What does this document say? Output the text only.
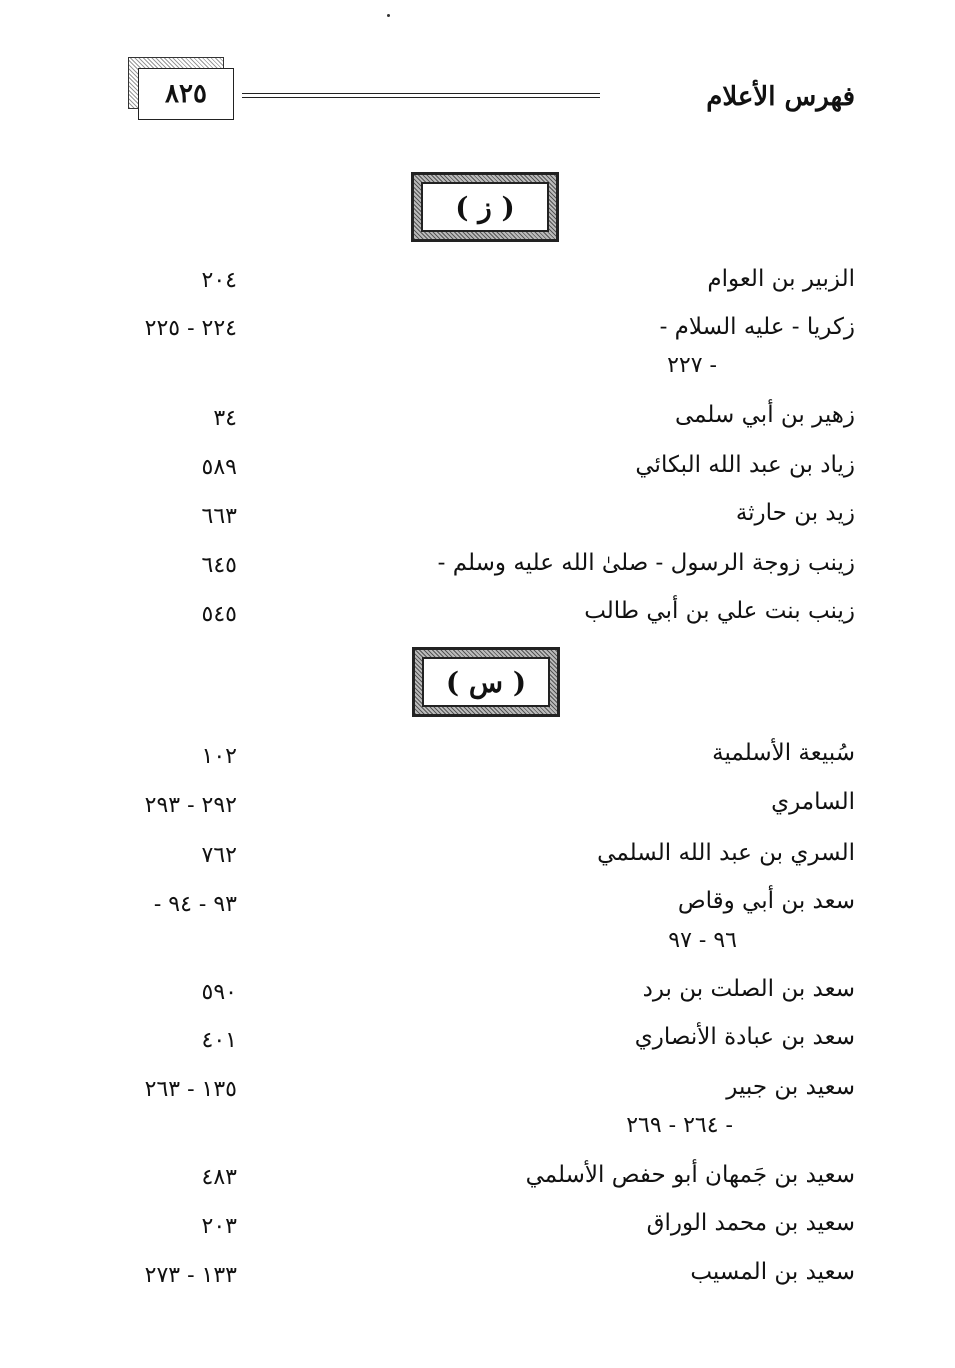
٨٢٥	فهرس الأعلام
( ز )
الزبير بن العوام
٢٠٤
زكريا - عليه السلام -
٢٢٤ - ٢٢٥
- ٢٢٧
زهير بن أبي سلمى
٣٤
زياد بن عبد الله البكائي
٥٨٩
زيد بن حارثة
٦٦٣
زينب زوجة الرسول - صلىٰ الله عليه وسلم -
٦٤٥
زينب بنت علي بن أبي طالب
٥٤٥
( س )
سُبيعة الأسلمية
١٠٢
السامري
٢٩٢ - ٢٩٣
السري بن عبد الله السلمي
٧٦٢
سعد بن أبي وقاص
٩٣ - ٩٤ -
٩٦ - ٩٧
سعد بن الصلت بن برد
٥٩٠
سعد بن عبادة الأنصاري
٤٠١
سعيد بن جبير
١٣٥ - ٢٦٣
- ٢٦٤ - ٢٦٩
سعيد بن جَمهان أبو حفص الأسلمي
٤٨٣
سعيد بن محمد الوراق
٢٠٣
سعيد بن المسيب
١٣٣ - ٢٧٣
